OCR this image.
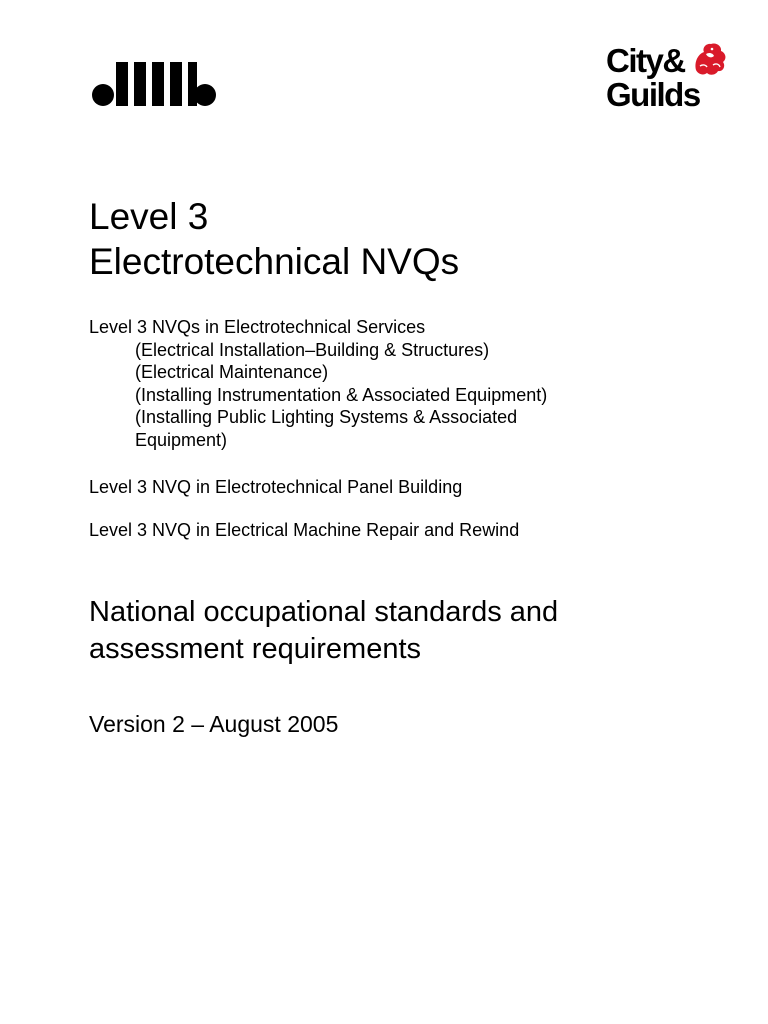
City&
Guilds
Level 3
Electrotechnical NVQs
Level 3 NVQs in Electrotechnical Services
(Electrical Installation–Building & Structures)
(Electrical Maintenance)
(Installing Instrumentation & Associated Equipment)
(Installing Public Lighting Systems & Associated
Equipment)

Level 3 NVQ in Electrotechnical Panel Building

Level 3 NVQ in Electrical Machine Repair and Rewind

National occupational standards and
assessment requirements

Version 2 – August 2005
